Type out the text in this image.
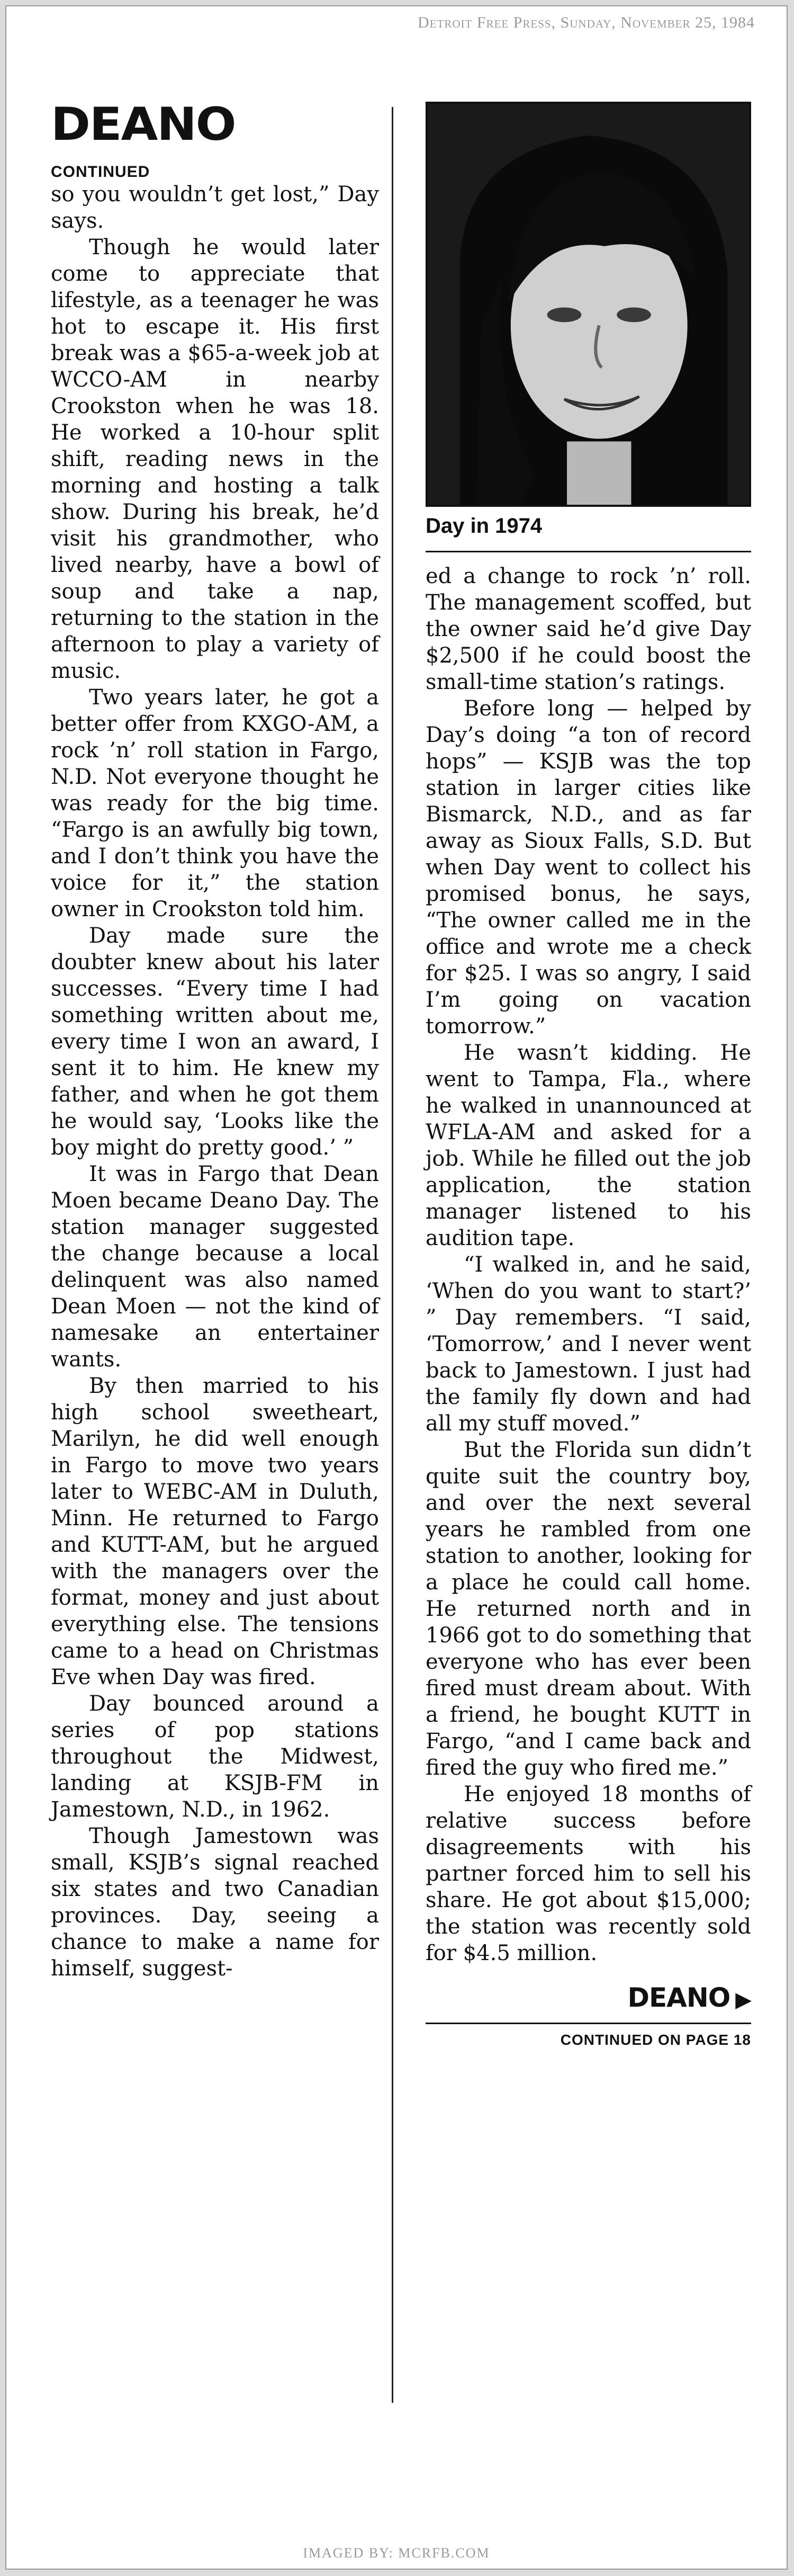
Detroit Free Press, Sunday, November 25, 1984
DEANO
CONTINUED

so you wouldn’t get lost,” Day says.

Though he would later come to appreciate that lifestyle, as a teenager he was hot to escape it. His first break was a $65-a-week job at WCCO-AM in nearby Crookston when he was 18. He worked a 10-hour split shift, reading news in the morning and hosting a talk show. During his break, he’d visit his grandmother, who lived nearby, have a bowl of soup and take a nap, returning to the station in the afternoon to play a variety of music.

Two years later, he got a better offer from KXGO-AM, a rock ’n’ roll station in Fargo, N.D. Not everyone thought he was ready for the big time. “Fargo is an awfully big town, and I don’t think you have the voice for it,” the station owner in Crookston told him.

Day made sure the doubter knew about his later successes. “Every time I had something written about me, every time I won an award, I sent it to him. He knew my father, and when he got them he would say, ‘Looks like the boy might do pretty good.’ ”

It was in Fargo that Dean Moen became Deano Day. The station manager suggested the change because a local delinquent was also named Dean Moen — not the kind of namesake an entertainer wants.

By then married to his high school sweetheart, Marilyn, he did well enough in Fargo to move two years later to WEBC-AM in Duluth, Minn. He returned to Fargo and KUTT-AM, but he argued with the managers over the format, money and just about everything else. The tensions came to a head on Christmas Eve when Day was fired.

Day bounced around a series of pop stations throughout the Midwest, landing at KSJB-FM in Jamestown, N.D., in 1962.

Though Jamestown was small, KSJB’s signal reached six states and two Canadian provinces. Day, seeing a chance to make a name for himself, suggest-

Day in 1974

ed a change to rock ’n’ roll. The management scoffed, but the owner said he’d give Day $2,500 if he could boost the small-time station’s ratings.

Before long — helped by Day’s doing “a ton of record hops” — KSJB was the top station in larger cities like Bismarck, N.D., and as far away as Sioux Falls, S.D. But when Day went to collect his promised bonus, he says, “The owner called me in the office and wrote me a check for $25. I was so angry, I said I’m going on vacation tomorrow.”

He wasn’t kidding. He went to Tampa, Fla., where he walked in unannounced at WFLA-AM and asked for a job. While he filled out the job application, the station manager listened to his audition tape.

“I walked in, and he said, ‘When do you want to start?’ ” Day remembers. “I said, ‘Tomorrow,’ and I never went back to Jamestown. I just had the family fly down and had all my stuff moved.”

But the Florida sun didn’t quite suit the country boy, and over the next several years he rambled from one station to another, looking for a place he could call home. He returned north and in 1966 got to do something that everyone who has ever been fired must dream about. With a friend, he bought KUTT in Fargo, “and I came back and fired the guy who fired me.”

He enjoyed 18 months of relative success before disagreements with his partner forced him to sell his share. He got about $15,000; the station was recently sold for $4.5 million.

DEANO ▶
CONTINUED ON PAGE 18
IMAGED BY: MCRFB.COM
